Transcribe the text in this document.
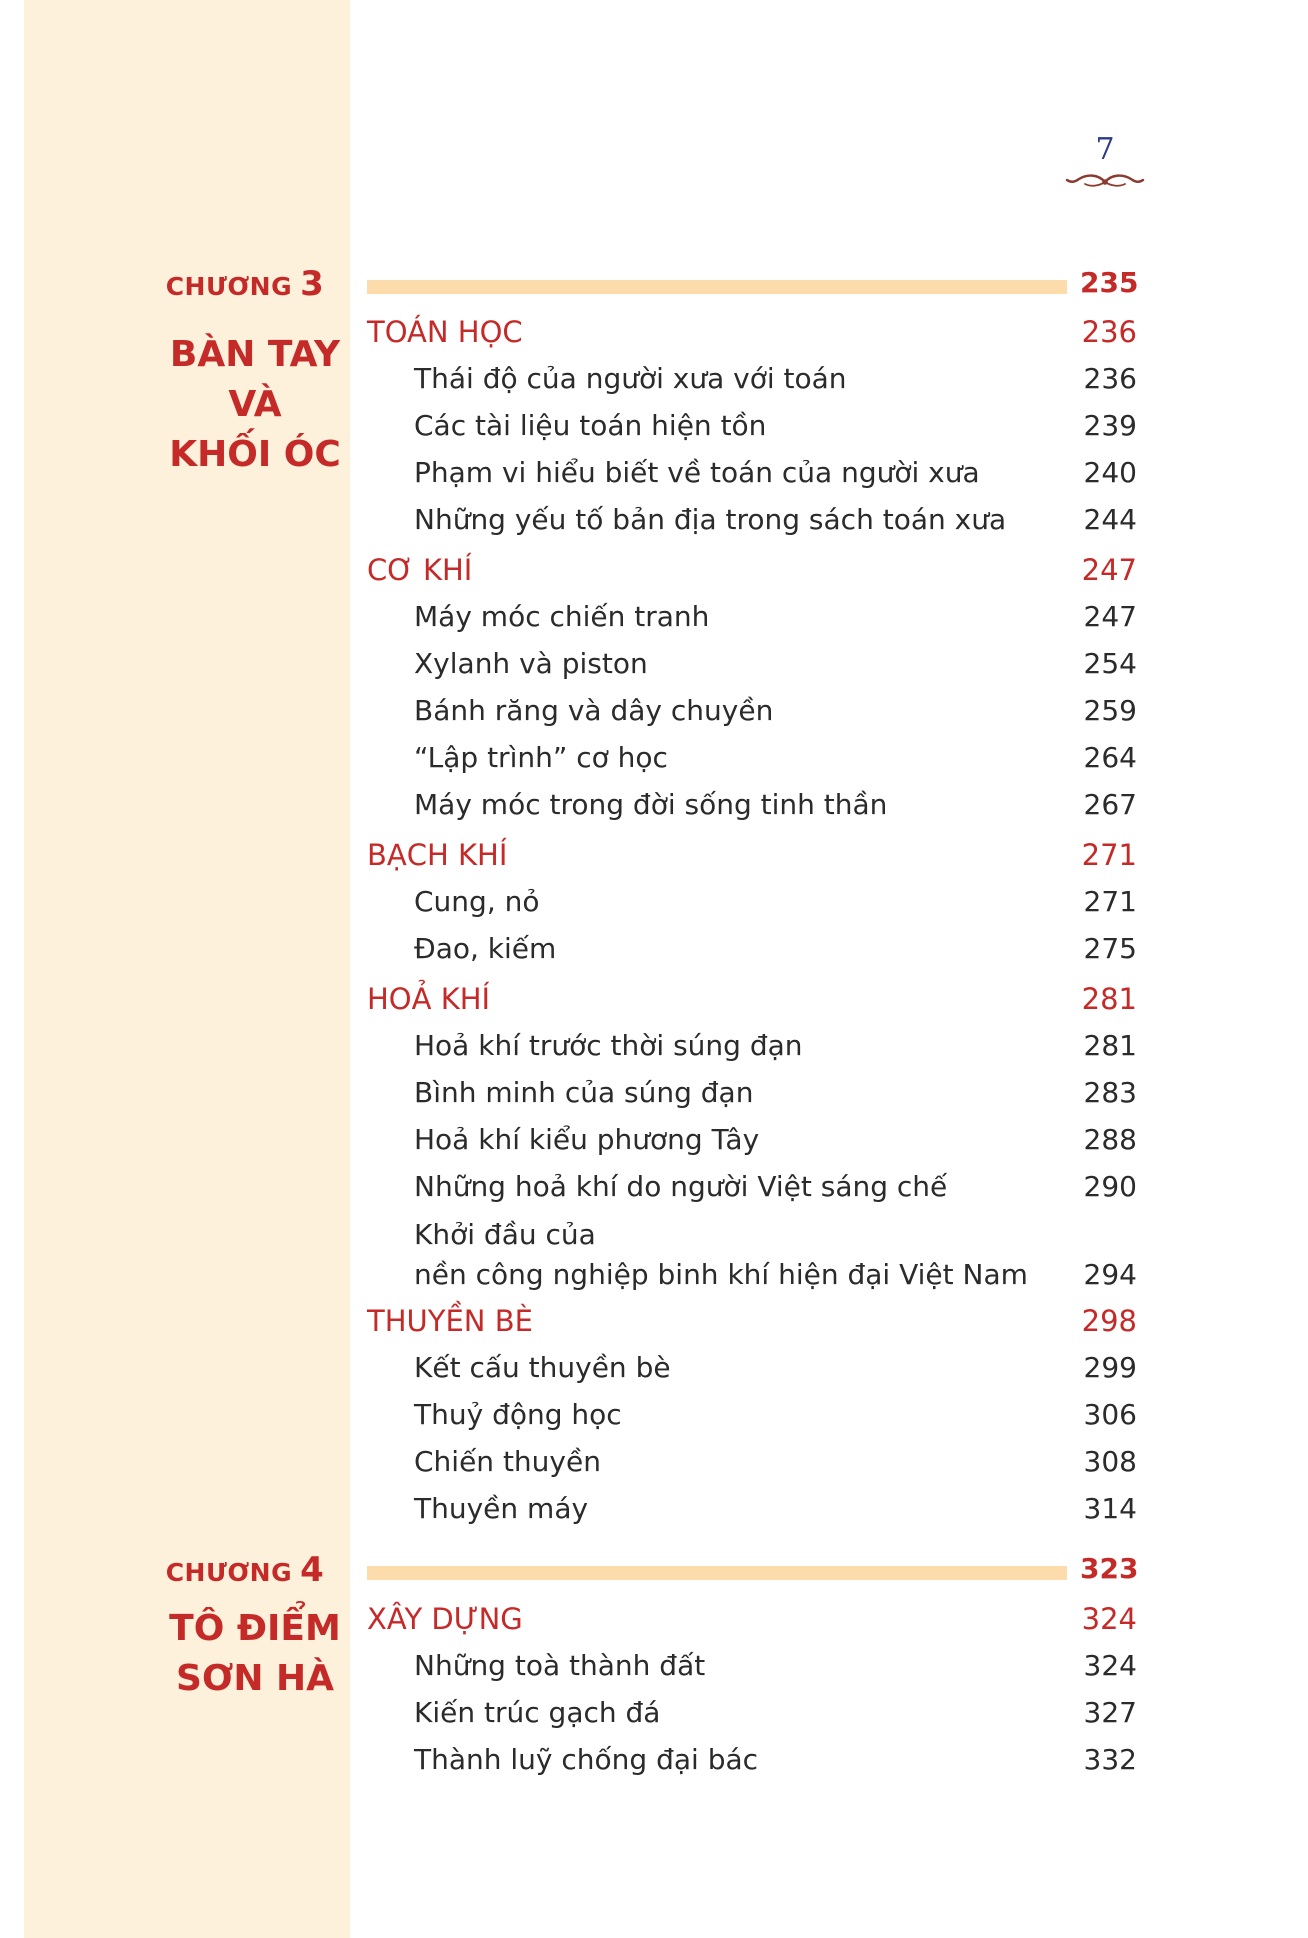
7
CHƯƠNG 3
BÀN TAY
VÀ
KHỐI ÓC
235
TOÁN HỌC	236
Thái độ của người xưa với toán	236
Các tài liệu toán hiện tồn	239
Phạm vi hiểu biết về toán của người xưa	240
Những yếu tố bản địa trong sách toán xưa	244
CƠ KHÍ	247
Máy móc chiến tranh	247
Xylanh và piston	254
Bánh răng và dây chuyền	259
“Lập trình” cơ học	264
Máy móc trong đời sống tinh thần	267
BẠCH KHÍ	271
Cung, nỏ	271
Đao, kiếm	275
HOẢ KHÍ	281
Hoả khí trước thời súng đạn	281
Bình minh của súng đạn	283
Hoả khí kiểu phương Tây	288
Những hoả khí do người Việt sáng chế	290
Khởi đầu của
nền công nghiệp binh khí hiện đại Việt Nam	294
THUYỀN BÈ	298
Kết cấu thuyền bè	299
Thuỷ động học	306
Chiến thuyền	308
Thuyền máy	314
CHƯƠNG 4
TÔ ĐIỂM
SƠN HÀ
323
XÂY DỰNG	324
Những toà thành đất	324
Kiến trúc gạch đá	327
Thành luỹ chống đại bác	332
